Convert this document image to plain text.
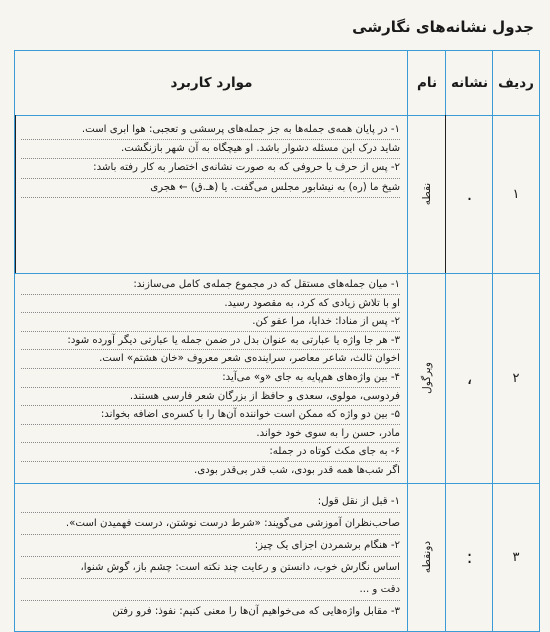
جدول نشانه‌های نگارشی
ردیف
نشانه
نام
موارد کاربرد
۱
.
نقطه
۱- در پایان همه‌ی جمله‌ها به جز جمله‌های پرسشی و تعجبی: هوا ابری است.
شاید درک این مسئله دشوار باشد. او هیچگاه به آن شهر بازنگشت.
۲- پس از حرف یا حروفی که به صورت نشانه‌ی اختصار به کار رفته باشد:
شیخ ما (ره) به نیشابور مجلس می‌گفت. یا (هـ.ق) ← هجری
۲
،
ویرگول
۱- میان جمله‌های مستقل که در مجموع جمله‌ی کامل می‌سازند:
او با تلاش زیادی که کرد، به مقصود رسید.
۲- پس از منادا: خدایا، مرا عفو کن.
۳- هر جا واژه یا عبارتی به عنوان بدل در ضمن جمله یا عبارتی دیگر آورده شود:
اخوان ثالث، شاعر معاصر، سراینده‌ی شعر معروف «خان هشتم» است.
۴- بین واژه‌های هم‌پایه به جای «و» می‌آید:
فردوسی، مولوی، سعدی و حافظ از بزرگان شعر فارسی هستند.
۵- بین دو واژه که ممکن است خواننده آن‌ها را با کسره‌ی اضافه بخواند:
مادر، حسن را به سوی خود خواند.
۶- به جای مکث کوتاه در جمله:
اگر شب‌ها همه قدر بودی، شب قدر بی‌قدر بودی.
۳
:
دونقطه
۱- قبل از نقل قول:
صاحب‌نظران آموزشی می‌گویند: «شرط درست نوشتن، درست فهمیدن است».
۲- هنگام برشمردن اجزای یک چیز:
اساس نگارش خوب، دانستن و رعایت چند نکته است: چشم باز، گوش شنوا،
دقت و ...
۳- مقابل واژه‌هایی که می‌خواهیم آن‌ها را معنی کنیم: نفوذ: فرو رفتن
